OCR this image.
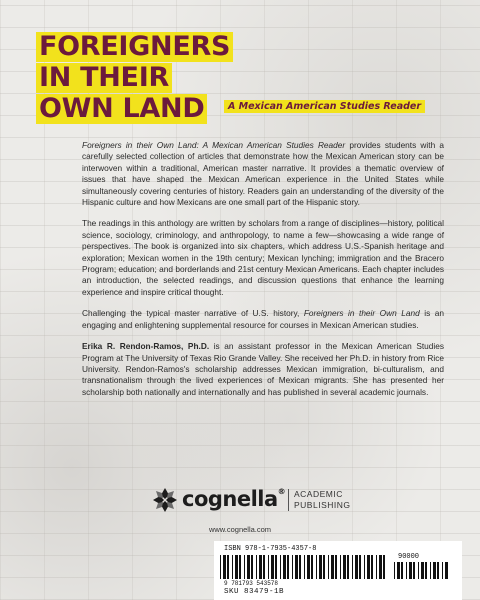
FOREIGNERS
IN THEIR
OWN LAND	A Mexican American Studies Reader

Foreigners in their Own Land: A Mexican American Studies Reader provides students with a carefully selected collection of articles that demonstrate how the Mexican American story can be interwoven within a traditional, American master narrative. It provides a thematic overview of issues that have shaped the Mexican American experience in the United States while simultaneously covering centuries of history. Readers gain an understanding of the diversity of the Hispanic culture and how Mexicans are one small part of the Hispanic story.

The readings in this anthology are written by scholars from a range of disciplines—history, political science, sociology, criminology, and anthropology, to name a few—showcasing a wide range of perspectives. The book is organized into six chapters, which address U.S.-Spanish heritage and exploration; Mexican women in the 19th century; Mexican lynching; immigration and the Bracero Program; education; and borderlands and 21st century Mexican Americans. Each chapter includes an introduction, the selected readings, and discussion questions that enhance the learning experience and inspire critical thought.

Challenging the typical master narrative of U.S. history, Foreigners in their Own Land is an engaging and enlightening supplemental resource for courses in Mexican American studies.

Erika R. Rendon-Ramos, Ph.D. is an assistant professor in the Mexican American Studies Program at The University of Texas Rio Grande Valley. She received her Ph.D. in history from Rice University. Rendon-Ramos's scholarship addresses Mexican immigration, bi-culturalism, and transnationalism through the lived experiences of Mexican migrants. She has presented her scholarship both nationally and internationally and has published in several academic journals.

cognella® ACADEMIC
PUBLISHING
www.cognella.com
ISBN 978-1-7935-4357-8
90000
9 781793 543578
SKU 83479-1B
